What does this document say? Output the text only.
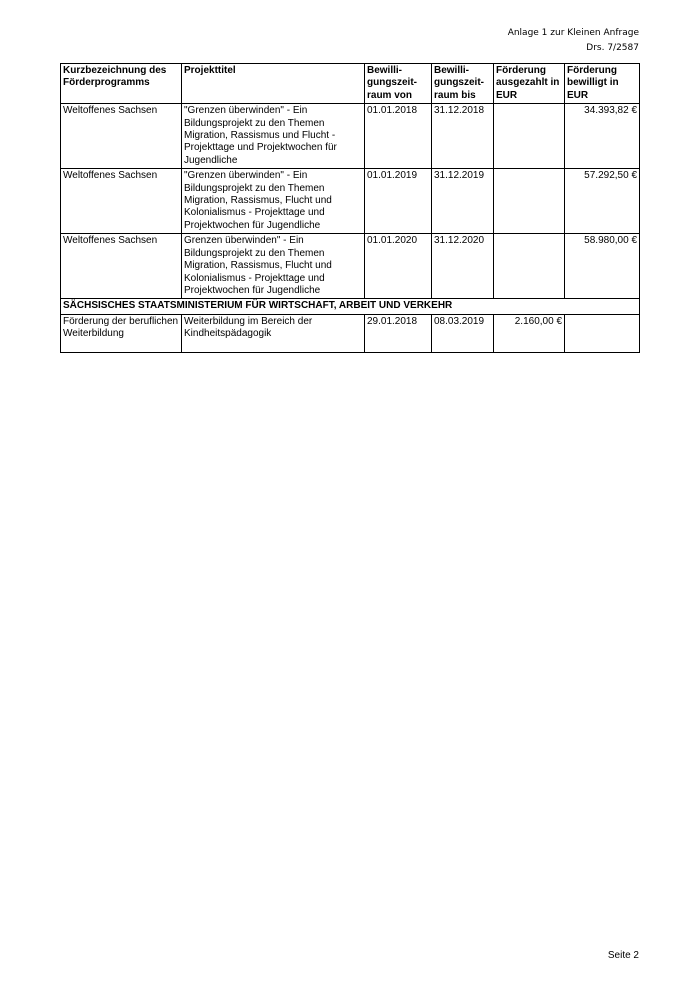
Anlage 1 zur Kleinen Anfrage
Drs. 7/2587
Kurzbezeichnung des Förderprogramms	Projekttitel	Bewilli-gungszeit-raum von	Bewilli-gungszeit-raum bis	Förderung ausgezahlt in EUR	Förderung bewilligt in EUR
Weltoffenes Sachsen	"Grenzen überwinden" - Ein Bildungsprojekt zu den Themen Migration, Rassismus und Flucht - Projekttage und Projektwochen für Jugendliche	01.01.2018	31.12.2018		34.393,82 €
Weltoffenes Sachsen	"Grenzen überwinden" - Ein Bildungsprojekt zu den Themen Migration, Rassismus, Flucht und Kolonialismus - Projekttage und Projektwochen für Jugendliche	01.01.2019	31.12.2019		57.292,50 €
Weltoffenes Sachsen	Grenzen überwinden" - Ein Bildungsprojekt zu den Themen Migration, Rassismus, Flucht und Kolonialismus - Projekttage und Projektwochen für Jugendliche	01.01.2020	31.12.2020		58.980,00 €
SÄCHSISCHES STAATSMINISTERIUM FÜR WIRTSCHAFT, ARBEIT UND VERKEHR					
Förderung der beruflichen Weiterbildung	Weiterbildung im Bereich der Kindheitspädagogik	29.01.2018	08.03.2019	2.160,00 €	
Seite 2
